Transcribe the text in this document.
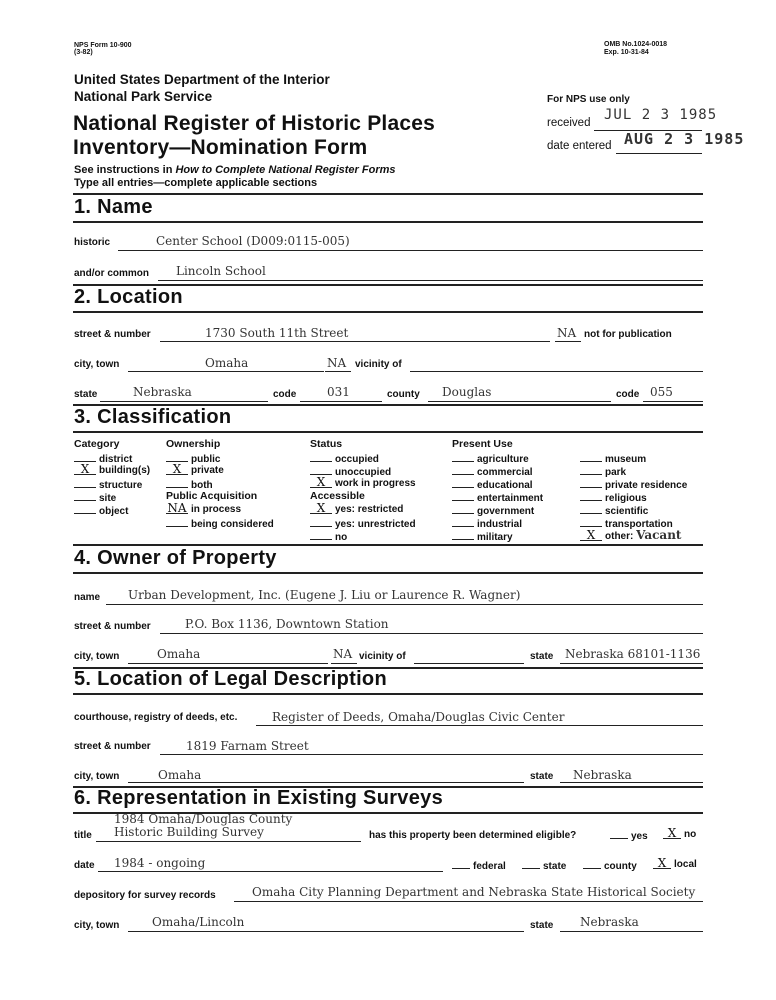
NPS Form 10-900
(3-82)
OMB No.1024-0018
Exp. 10-31-84
United States Department of the Interior
National Park Service	For NPS use only
received JUL 2 3 1985
date entered AUG 2 3 1985
National Register of Historic Places
Inventory—Nomination Form
See instructions in How to Complete National Register Forms
Type all entries—complete applicable sections
1. Name
historic	Center School (D009:0115-005)
and/or common Lincoln School
2. Location
street & number	1730 South 11th Street	NA not for publication
city, town	Omaha	NA vicinity of
state	Nebraska	code	031	county Douglas	code 055
3. Classification
Category
district
X building(s)
structure
site
object
Ownership
public
X private
both
Public Acquisition
NA in process
being considered
Status
occupied
unoccupied
X work in progress
Accessible
X yes: restricted
yes: unrestricted
no
Present Use
agriculture
commercial
educational
entertainment
government
industrial
military
museum
park
private residence
religious
scientific
transportation
X other: Vacant
4. Owner of Property
name Urban Development, Inc. (Eugene J. Liu or Laurence R. Wagner)
street & number	P.O. Box 1136, Downtown Station
city, town	Omaha	NA vicinity of	state Nebraska 68101-1136
5. Location of Legal Description
courthouse, registry of deeds, etc.	Register of Deeds, Omaha/Douglas Civic Center
street & number	1819 Farnam Street
city, town	Omaha	state Nebraska
6. Representation in Existing Surveys
1984 Omaha/Douglas County
title Historic Building Survey	has this property been determined eligible?	yes	X no
date 1984 - ongoing	federal	state	county	X local
depository for survey records	Omaha City Planning Department and Nebraska State Historical Society
city, town	Omaha/Lincoln	state Nebraska
